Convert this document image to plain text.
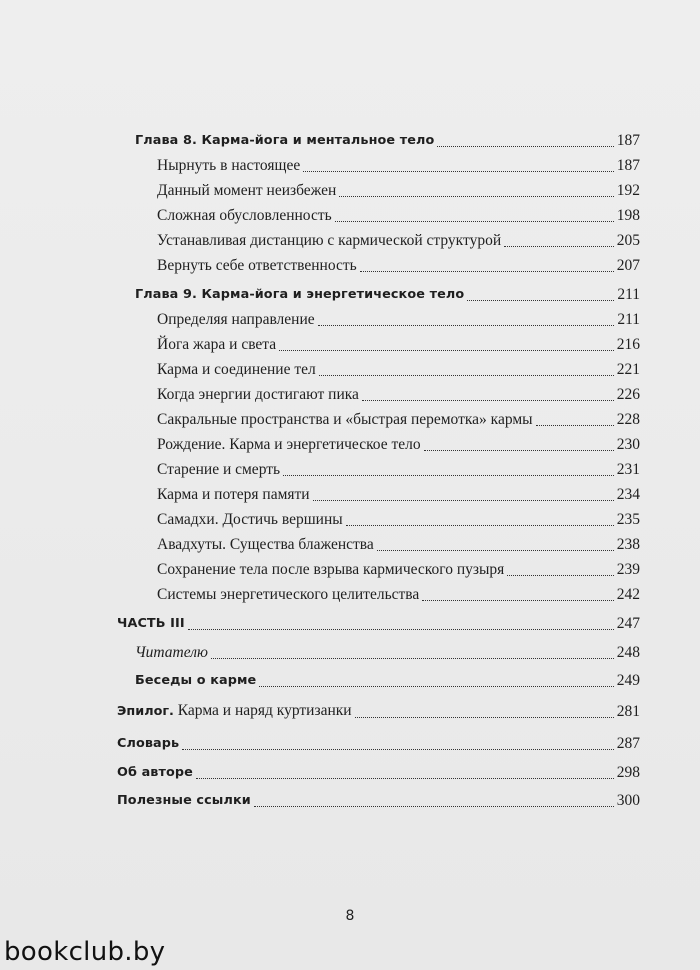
Глава 8. Карма-йога и ментальное тело	187
Нырнуть в настоящее	187
Данный момент неизбежен	192
Сложная обусловленность	198
Устанавливая дистанцию с кармической структурой	205
Вернуть себе ответственность	207
Глава 9. Карма-йога и энергетическое тело	211
Определяя направление	211
Йога жара и света	216
Карма и соединение тел	221
Когда энергии достигают пика	226
Сакральные пространства и «быстрая перемотка» кармы	228
Рождение. Карма и энергетическое тело	230
Старение и смерть	231
Карма и потеря памяти	234
Самадхи. Достичь вершины	235
Авадхуты. Существа блаженства	238
Сохранение тела после взрыва кармического пузыря	239
Системы энергетического целительства	242
ЧАСТЬ III	247
Читателю	248
Беседы о карме	249
Эпилог. Карма и наряд куртизанки	281
Словарь	287
Об авторе	298
Полезные ссылки	300
8
bookclub.by
